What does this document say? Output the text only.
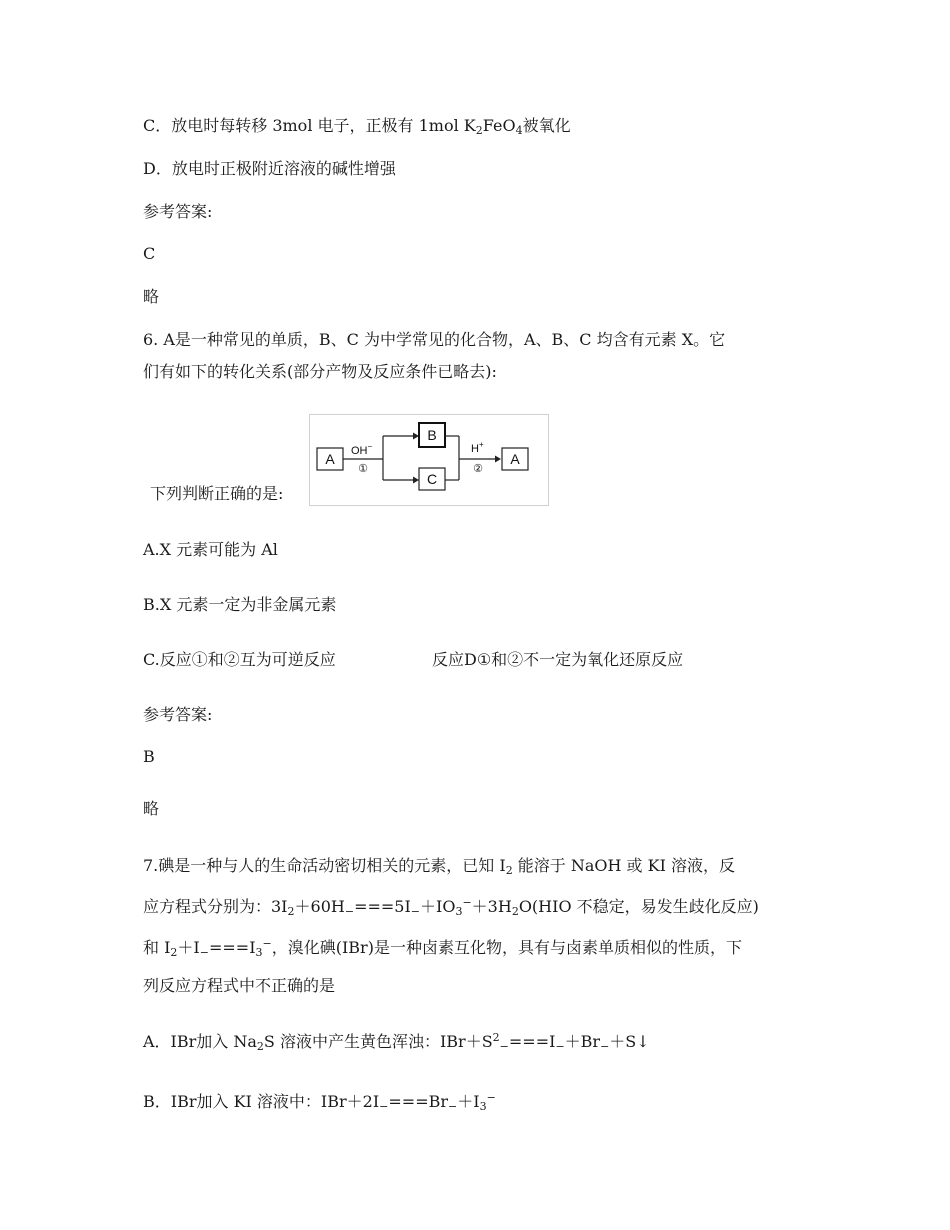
C．放电时每转移 3mol 电子，正极有 1mol $K_2FeO_4$被氧化
D．放电时正极附近溶液的碱性增强
参考答案:
C
略
6. A是一种常见的单质，B、C 为中学常见的化合物，A、B、C 均含有元素 X。它
们有如下的转化关系(部分产物及反应条件已略去):
A OH−
①
B
C
H+
②
A
下列判断正确的是:
A.X 元素可能为 Al
B.X 元素一定为非金属元素
C.反应①和②互为可逆反应	反应D①和②不一定为氧化还原反应
参考答案:
B
略
7.碘是一种与人的生命活动密切相关的元素，已知 $I_2$ 能溶于 NaOH 或 KI 溶液，反
应方程式分别为：$3I_2+60H_-===5I_-+IO_3^-+3H_2O(HIO$ 不稳定，易发生歧化反应)
和 $I_2+I_-===I_3^-$，溴化碘(IBr)是一种卤素互化物，具有与卤素单质相似的性质，下
列反应方程式中不正确的是
A．IBr加入 $Na_2S$ 溶液中产生黄色浑浊：$IBr+S^2_-===I_-+Br_-+S↓$
B．IBr加入 KI 溶液中：$IBr+2I_-===Br_-+I_3^-$
